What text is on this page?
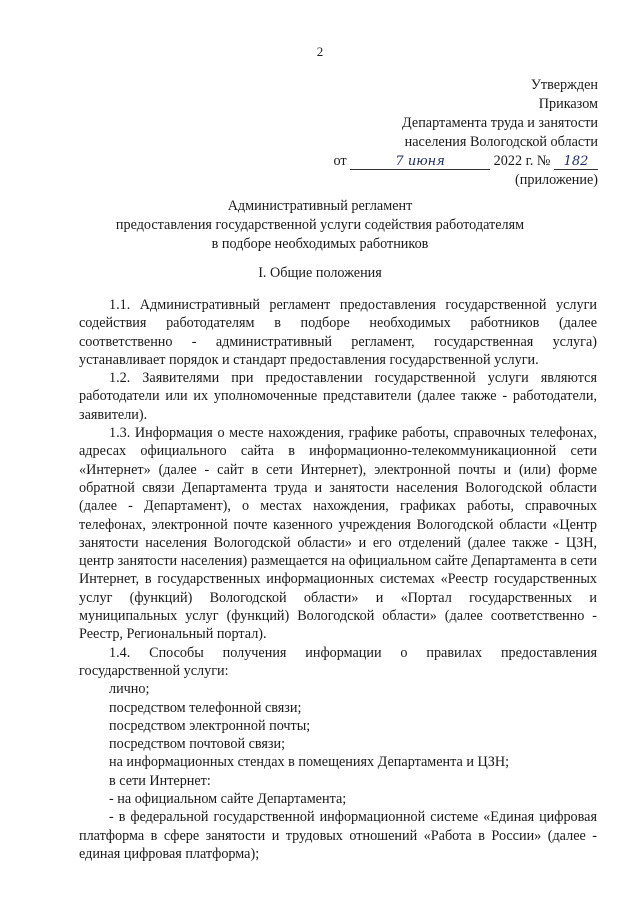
2
Утвержден
Приказом
Департамента труда и занятости
населения Вологодской области
от	7 июня	2022 г. № 182
(приложение)
Административный регламент
предоставления государственной услуги содействия работодателям
в подборе необходимых работников
I. Общие положения

1.1. Административный регламент предоставления государственной услуги содействия работодателям в подборе необходимых работников (далее соответственно - административный регламент, государственная услуга) устанавливает порядок и стандарт предоставления государственной услуги.

1.2. Заявителями при предоставлении государственной услуги являются работодатели или их уполномоченные представители (далее также - работодатели, заявители).

1.3. Информация о месте нахождения, графике работы, справочных телефонах, адресах официального сайта в информационно-телекоммуникационной сети «Интернет» (далее - сайт в сети Интернет), электронной почты и (или) форме обратной связи Департамента труда и занятости населения Вологодской области (далее - Департамент), о местах нахождения, графиках работы, справочных телефонах, электронной почте казенного учреждения Вологодской области «Центр занятости населения Вологодской области» и его отделений (далее также - ЦЗН, центр занятости населения) размещается на официальном сайте Департамента в сети Интернет, в государственных информационных системах «Реестр государственных услуг (функций) Вологодской области» и «Портал государственных и муниципальных услуг (функций) Вологодской области» (далее соответственно - Реестр, Региональный портал).

1.4. Способы получения информации о правилах предоставления государственной услуги:

лично;
посредством телефонной связи;
посредством электронной почты;
посредством почтовой связи;
на информационных стендах в помещениях Департамента и ЦЗН;
в сети Интернет:
- на официальном сайте Департамента;

- в федеральной государственной информационной системе «Единая цифровая платформа в сфере занятости и трудовых отношений «Работа в России» (далее - единая цифровая платформа);
